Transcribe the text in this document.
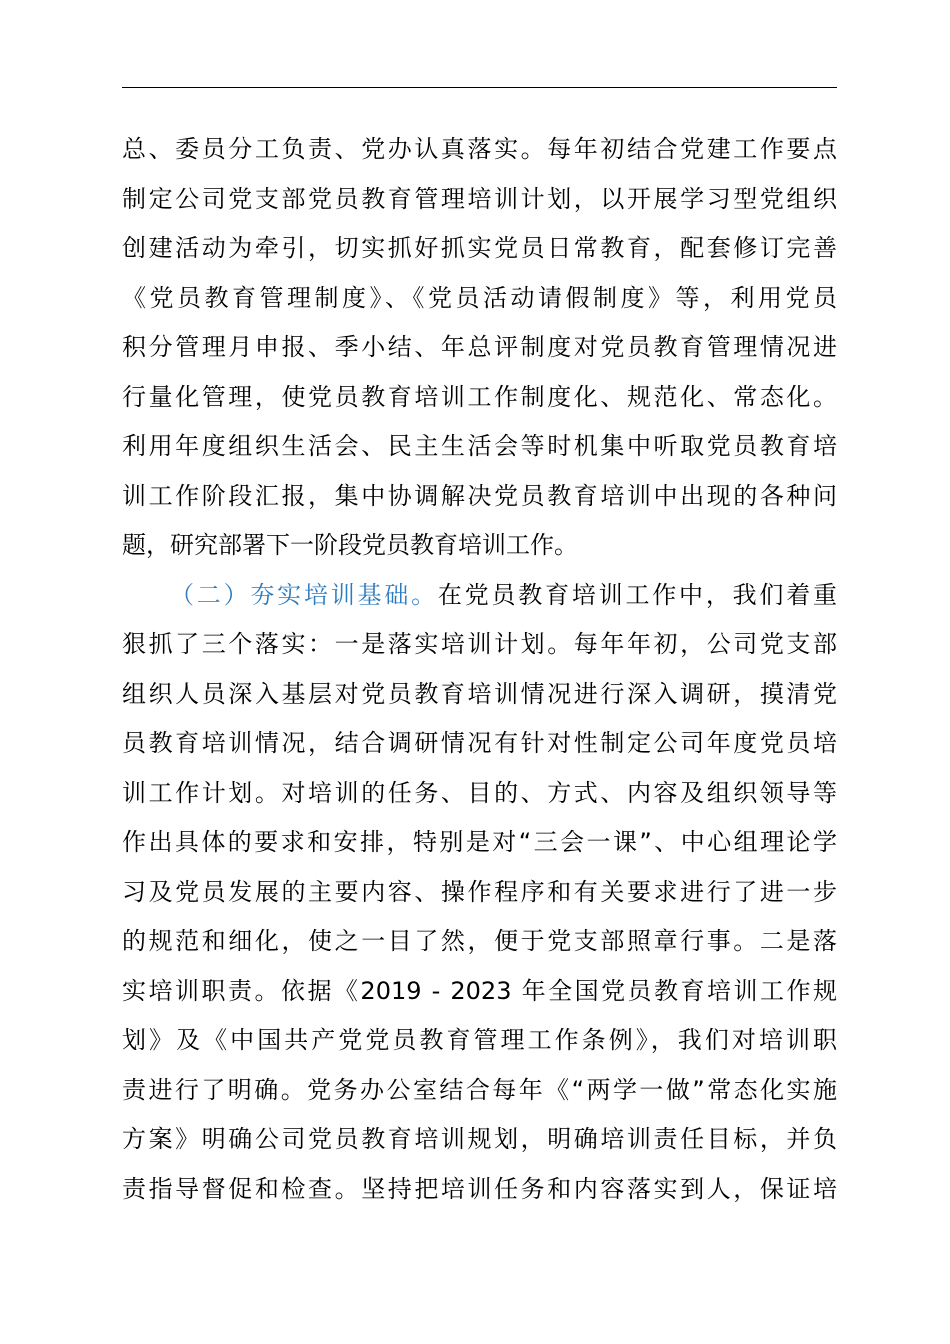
总、委员分工负责、党办认真落实。每年初结合党建工作要点
制定公司党支部党员教育管理培训计划，以开展学习型党组织
创建活动为牵引，切实抓好抓实党员日常教育，配套修订完善
《党员教育管理制度》、《党员活动请假制度》等，利用党员
积分管理月申报、季小结、年总评制度对党员教育管理情况进
行量化管理，使党员教育培训工作制度化、规范化、常态化。
利用年度组织生活会、民主生活会等时机集中听取党员教育培
训工作阶段汇报，集中协调解决党员教育培训中出现的各种问
题，研究部署下一阶段党员教育培训工作。
（二）夯实培训基础。在党员教育培训工作中，我们着重
狠抓了三个落实：一是落实培训计划。每年年初，公司党支部
组织人员深入基层对党员教育培训情况进行深入调研，摸清党
员教育培训情况，结合调研情况有针对性制定公司年度党员培
训工作计划。对培训的任务、目的、方式、内容及组织领导等
作出具体的要求和安排，特别是对“三会一课”、中心组理论学
习及党员发展的主要内容、操作程序和有关要求进行了进一步
的规范和细化，使之一目了然，便于党支部照章行事。二是落
实培训职责。依据《2019 - 2023 年全国党员教育培训工作规
划》及《中国共产党党员教育管理工作条例》，我们对培训职
责进行了明确。党务办公室结合每年《“两学一做”常态化实施
方案》明确公司党员教育培训规划，明确培训责任目标，并负
责指导督促和检查。坚持把培训任务和内容落实到人，保证培
